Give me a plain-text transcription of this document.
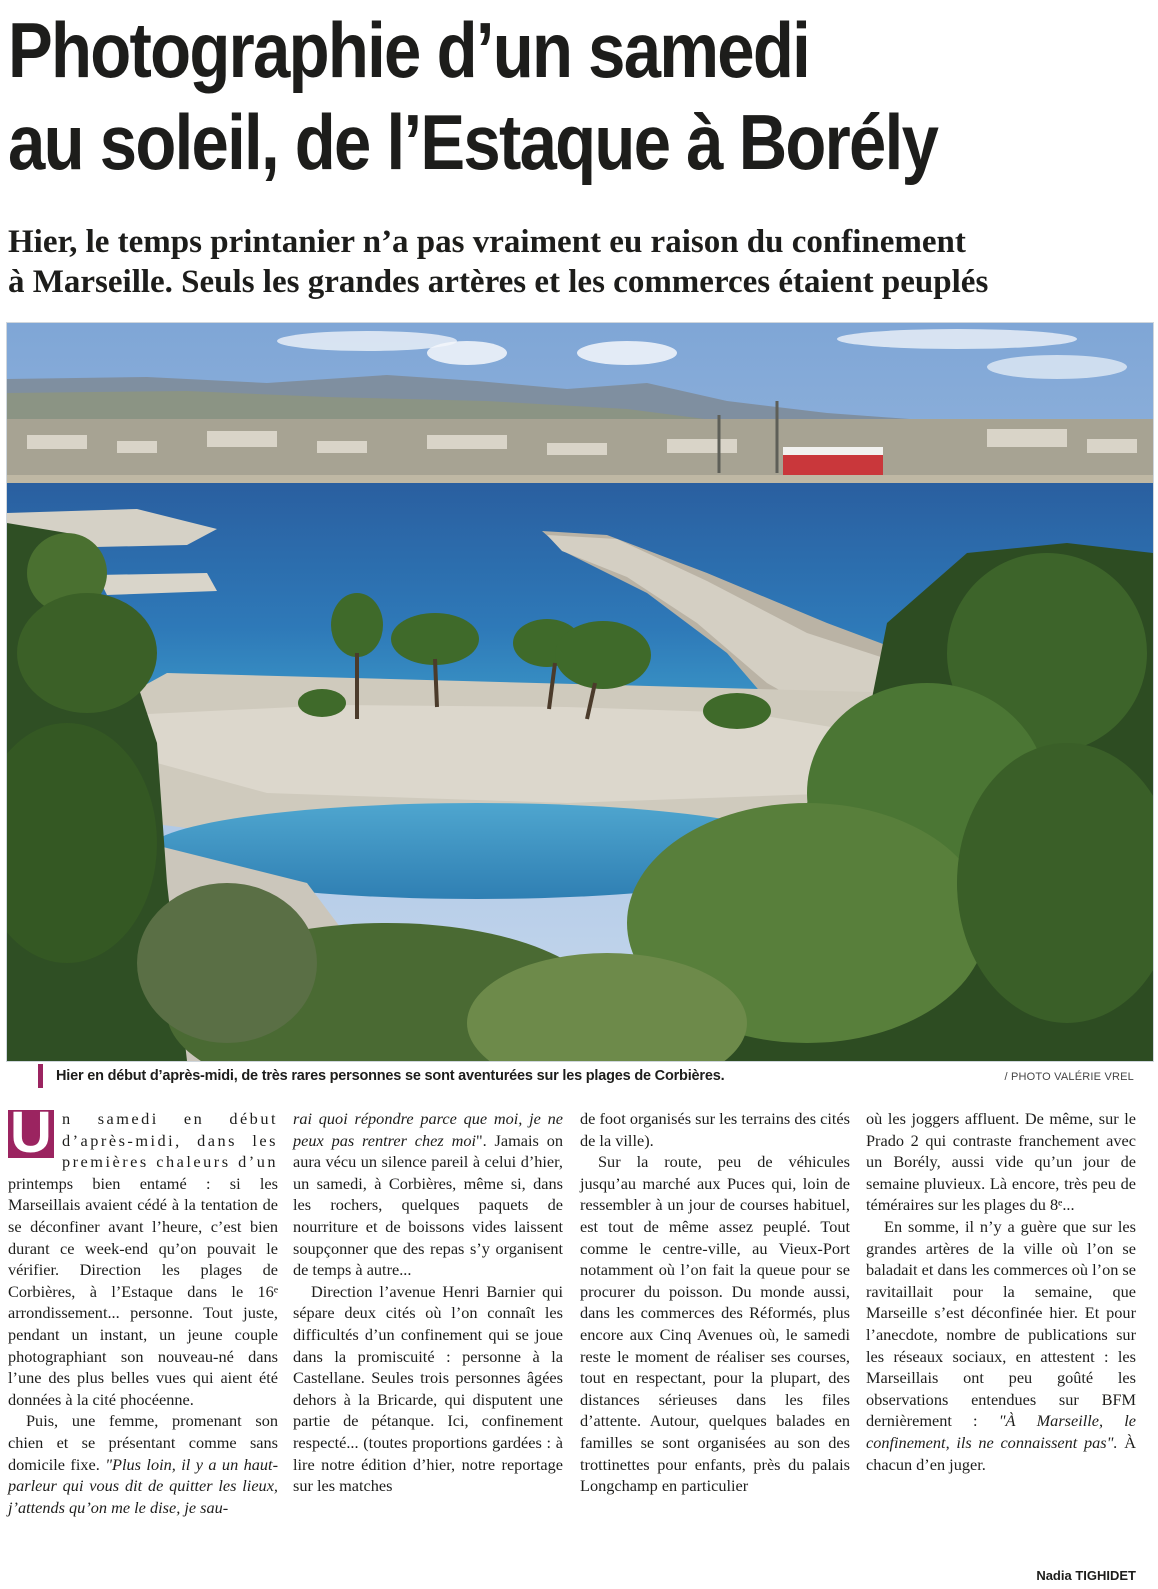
Photographie d’un samedi
au soleil, de l’Estaque à Borély
Hier, le temps printanier n’a pas vraiment eu raison du confinement
à Marseille. Seuls les grandes artères et les commerces étaient peuplés
Hier en début d’après-midi, de très rares personnes se sont aventurées sur les plages de Corbières.	/ PHOTO VALÉRIE VREL

U n samedi en début d’après-midi, dans les premières chaleurs d’un printemps bien entamé : si les Marseillais avaient cédé à la tentation de se déconfiner avant l’heure, c’est bien durant ce week-end qu’on pouvait le vérifier. Direction les plages de Corbières, à l’Estaque dans le 16ᵉ arrondissement... personne. Tout juste, pendant un instant, un jeune couple photographiant son nouveau-né dans l’une des plus belles vues qui aient été données à la cité phocéenne.

Puis, une femme, promenant son chien et se présentant comme sans domicile fixe. "Plus loin, il y a un haut-parleur qui vous dit de quitter les lieux, j’attends qu’on me le dise, je sau-

rai quoi répondre parce que moi, je ne peux pas rentrer chez moi". Jamais on aura vécu un silence pareil à celui d’hier, un samedi, à Corbières, même si, dans les rochers, quelques paquets de nourriture et de boissons vides laissent soupçonner que des repas s’y organisent de temps à autre...

Direction l’avenue Henri Barnier qui sépare deux cités où l’on connaît les difficultés d’un confinement qui se joue dans la promiscuité : personne à la Castellane. Seules trois personnes âgées dehors à la Bricarde, qui disputent une partie de pétanque. Ici, confinement respecté... (toutes proportions gardées : à lire notre édition d’hier, notre reportage sur les matches

de foot organisés sur les terrains des cités de la ville).

Sur la route, peu de véhicules jusqu’au marché aux Puces qui, loin de ressembler à un jour de courses habituel, est tout de même assez peuplé. Tout comme le centre-ville, au Vieux-Port notamment où l’on fait la queue pour se procurer du poisson. Du monde aussi, dans les commerces des Réformés, plus encore aux Cinq Avenues où, le samedi reste le moment de réaliser ses courses, tout en respectant, pour la plupart, des distances sérieuses dans les files d’attente. Autour, quelques balades en familles se sont organisées au son des trottinettes pour enfants, près du palais Longchamp en particulier

où les joggers affluent. De même, sur le Prado 2 qui contraste franchement avec un Borély, aussi vide qu’un jour de semaine pluvieux. Là encore, très peu de téméraires sur les plages du 8ᵉ...

En somme, il n’y a guère que sur les grandes artères de la ville où l’on se baladait et dans les commerces où l’on se ravitaillait pour la semaine, que Marseille s’est déconfinée hier. Et pour l’anecdote, nombre de publications sur les réseaux sociaux, en attestent : les Marseillais ont peu goûté les observations entendues sur BFM dernièrement : "À Marseille, le confinement, ils ne connaissent pas". À chacun d’en juger.

Nadia TIGHIDET
